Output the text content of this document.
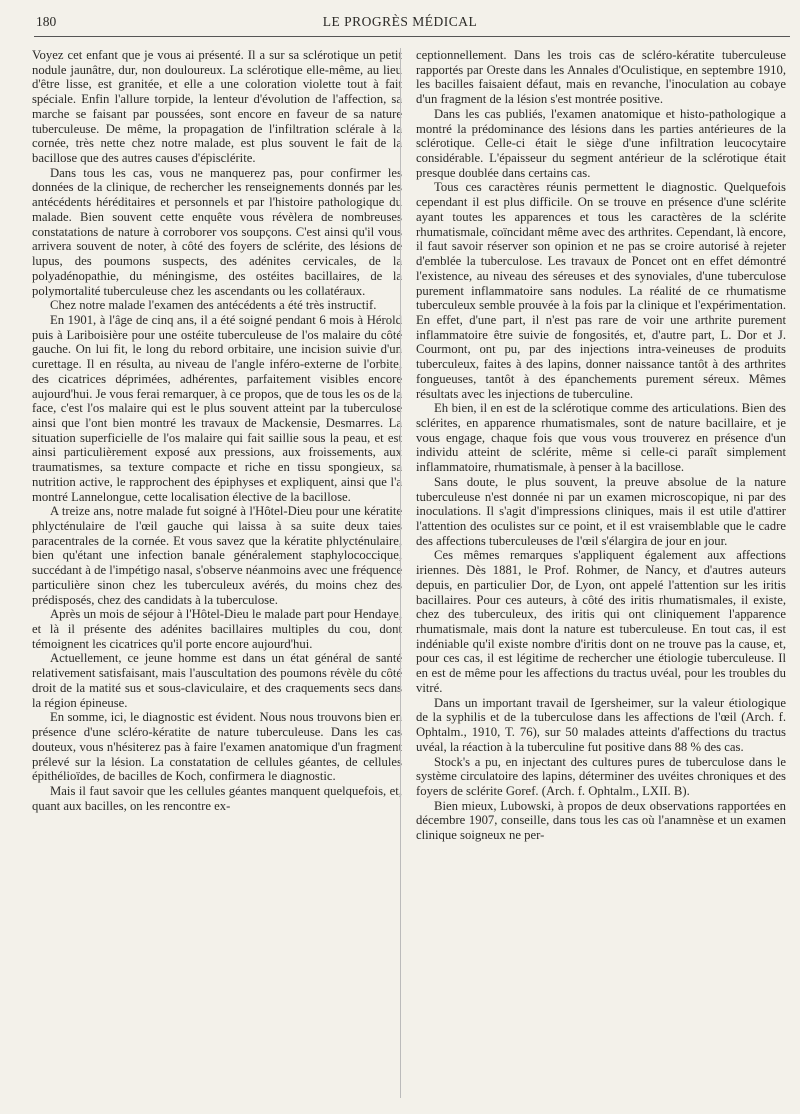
180	LE PROGRÈS MÉDICAL

Voyez cet enfant que je vous ai présenté. Il a sur sa sclérotique un petit nodule jaunâtre, dur, non douloureux. La sclérotique elle-même, au lieu d'être lisse, est granitée, et elle a une coloration violette tout à fait spéciale. Enfin l'allure torpide, la lenteur d'évolution de l'affection, sa marche se faisant par poussées, sont encore en faveur de sa nature tuberculeuse. De même, la propagation de l'infiltration sclérale à la cornée, très nette chez notre malade, est plus souvent le fait de la bacillose que des autres causes d'épisclérite.

Dans tous les cas, vous ne manquerez pas, pour confirmer les données de la clinique, de rechercher les renseignements donnés par les antécédents héréditaires et personnels et par l'histoire pathologique du malade. Bien souvent cette enquête vous révèlera de nombreuses constatations de nature à corroborer vos soupçons. C'est ainsi qu'il vous arrivera souvent de noter, à côté des foyers de sclérite, des lésions de lupus, des poumons suspects, des adénites cervicales, de la polyadénopathie, du méningisme, des ostéites bacillaires, de la polymortalité tuberculeuse chez les ascendants ou les collatéraux.

Chez notre malade l'examen des antécédents a été très instructif.

En 1901, à l'âge de cinq ans, il a été soigné pendant 6 mois à Hérold puis à Lariboisière pour une ostéite tuberculeuse de l'os malaire du côté gauche. On lui fit, le long du rebord orbitaire, une incision suivie d'un curettage. Il en résulta, au niveau de l'angle inféro-externe de l'orbite, des cicatrices déprimées, adhérentes, parfaitement visibles encore aujourd'hui. Je vous ferai remarquer, à ce propos, que de tous les os de la face, c'est l'os malaire qui est le plus souvent atteint par la tuberculose ainsi que l'ont bien montré les travaux de Mackensie, Desmarres. La situation superficielle de l'os malaire qui fait saillie sous la peau, et est ainsi particulièrement exposé aux pressions, aux froissements, aux traumatismes, sa texture compacte et riche en tissu spongieux, sa nutrition active, le rapprochent des épiphyses et expliquent, ainsi que l'a montré Lannelongue, cette localisation élective de la bacillose.

A treize ans, notre malade fut soigné à l'Hôtel-Dieu pour une kératite phlycténulaire de l'œil gauche qui laissa à sa suite deux taies paracentrales de la cornée. Et vous savez que la kératite phlycténulaire, bien qu'étant une infection banale généralement staphylococcique, succédant à de l'impétigo nasal, s'observe néanmoins avec une fréquence particulière sinon chez les tuberculeux avérés, du moins chez des prédisposés, chez des candidats à la tuberculose.

Après un mois de séjour à l'Hôtel-Dieu le malade part pour Hendaye, et là il présente des adénites bacillaires multiples du cou, dont témoignent les cicatrices qu'il porte encore aujourd'hui.

Actuellement, ce jeune homme est dans un état général de santé relativement satisfaisant, mais l'auscultation des poumons révèle du côté droit de la matité sus et sous-claviculaire, et des craquements secs dans la région épineuse.

En somme, ici, le diagnostic est évident. Nous nous trouvons bien en présence d'une scléro-kératite de nature tuberculeuse. Dans les cas douteux, vous n'hésiterez pas à faire l'examen anatomique d'un fragment prélevé sur la lésion. La constatation de cellules géantes, de cellules épithélioïdes, de bacilles de Koch, confirmera le diagnostic.

Mais il faut savoir que les cellules géantes manquent quelquefois, et, quant aux bacilles, on les rencontre ex-

ceptionnellement. Dans les trois cas de scléro-kératite tuberculeuse rapportés par Oreste dans les Annales d'Oculistique, en septembre 1910, les bacilles faisaient défaut, mais en revanche, l'inoculation au cobaye d'un fragment de la lésion s'est montrée positive.

Dans les cas publiés, l'examen anatomique et histo-pathologique a montré la prédominance des lésions dans les parties antérieures de la sclérotique. Celle-ci était le siège d'une infiltration leucocytaire considérable. L'épaisseur du segment antérieur de la sclérotique était presque doublée dans certains cas.

Tous ces caractères réunis permettent le diagnostic. Quelquefois cependant il est plus difficile. On se trouve en présence d'une sclérite ayant toutes les apparences et tous les caractères de la sclérite rhumatismale, coïncidant même avec des arthrites. Cependant, là encore, il faut savoir réserver son opinion et ne pas se croire autorisé à rejeter d'emblée la tuberculose. Les travaux de Poncet ont en effet démontré l'existence, au niveau des séreuses et des synoviales, d'une tuberculose purement inflammatoire sans nodules. La réalité de ce rhumatisme tuberculeux semble prouvée à la fois par la clinique et l'expérimentation. En effet, d'une part, il n'est pas rare de voir une arthrite purement inflammatoire être suivie de fongosités, et, d'autre part, L. Dor et J. Courmont, ont pu, par des injections intra-veineuses de produits tuberculeux, faites à des lapins, donner naissance tantôt à des arthrites fongueuses, tantôt à des épanchements purement séreux. Mêmes résultats avec les injections de tuberculine.

Eh bien, il en est de la sclérotique comme des articulations. Bien des sclérites, en apparence rhumatismales, sont de nature bacillaire, et je vous engage, chaque fois que vous vous trouverez en présence d'un individu atteint de sclérite, même si celle-ci paraît simplement inflammatoire, rhumatismale, à penser à la bacillose.

Sans doute, le plus souvent, la preuve absolue de la nature tuberculeuse n'est donnée ni par un examen microscopique, ni par des inoculations. Il s'agit d'impressions cliniques, mais il est utile d'attirer l'attention des oculistes sur ce point, et il est vraisemblable que le cadre des affections tuberculeuses de l'œil s'élargira de jour en jour.

Ces mêmes remarques s'appliquent également aux affections iriennes. Dès 1881, le Prof. Rohmer, de Nancy, et d'autres auteurs depuis, en particulier Dor, de Lyon, ont appelé l'attention sur les iritis bacillaires. Pour ces auteurs, à côté des iritis rhumatismales, il existe, chez des tuberculeux, des iritis qui ont cliniquement l'apparence rhumatismale, mais dont la nature est tuberculeuse. En tout cas, il est indéniable qu'il existe nombre d'iritis dont on ne trouve pas la cause, et, pour ces cas, il est légitime de rechercher une étiologie tuberculeuse. Il en est de même pour les affections du tractus uvéal, pour les troubles du vitré.

Dans un important travail de Igersheimer, sur la valeur étiologique de la syphilis et de la tuberculose dans les affections de l'œil (Arch. f. Ophtalm., 1910, T. 76), sur 50 malades atteints d'affections du tractus uvéal, la réaction à la tuberculine fut positive dans 88 % des cas.

Stock's a pu, en injectant des cultures pures de tuberculose dans le système circulatoire des lapins, déterminer des uvéites chroniques et des foyers de sclérite Goref. (Arch. f. Ophtalm., LXII. B).

Bien mieux, Lubowski, à propos de deux observations rapportées en décembre 1907, conseille, dans tous les cas où l'anamnèse et un examen clinique soigneux ne per-
